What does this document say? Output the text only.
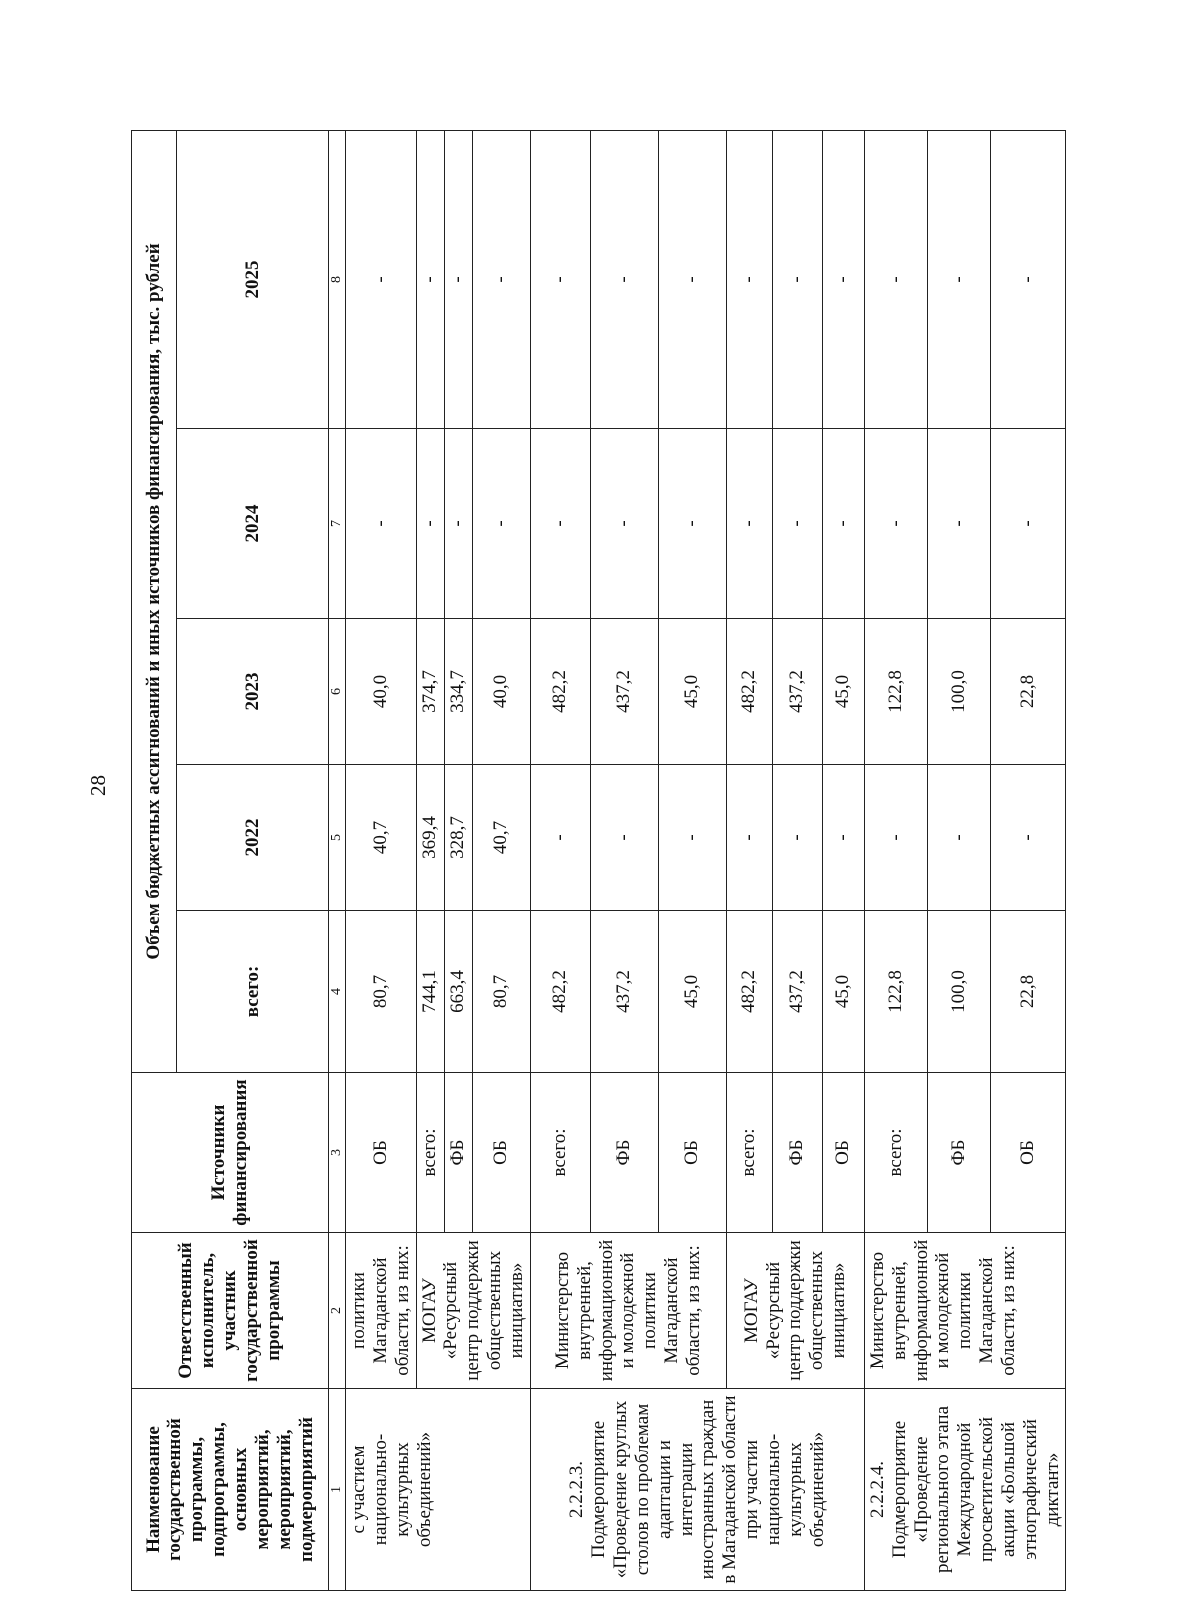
28
Наименование государственной программы, подпрограммы, основных мероприятий, мероприятий, подмероприятий	Ответственный исполнитель, участник государственной программы	Источники финансирования	Объем бюджетных ассигнований и иных источников финансирования, тыс. рублей				
			всего:	2022	2023	2024	2025
1	2	3	4	5	6	7	8
с участием национально-культурных объединений»	политики Магаданской области, из них:	ОБ	80,7	40,7	40,0	-	-
	МОГАУ «Ресурсный центр поддержки общественных инициатив»	всего:	744,1	369,4	374,7	-	-
		ФБ	663,4	328,7	334,7	-	-
		ОБ	80,7	40,7	40,0	-	-
2.2.2.3. Подмероприятие «Проведение круглых столов по проблемам адаптации и интеграции иностранных граждан в Магаданской области при участии национально-культурных объединений»	Министерство внутренней, информационной и молодежной политики Магаданской области, из них:	всего:	482,2	-	482,2	-	-
		ФБ	437,2	-	437,2	-	-
		ОБ	45,0	-	45,0	-	-
	МОГАУ «Ресурсный центр поддержки общественных инициатив»	всего:	482,2	-	482,2	-	-
		ФБ	437,2	-	437,2	-	-
		ОБ	45,0	-	45,0	-	-
2.2.2.4. Подмероприятие «Проведение регионального этапа Международной просветительской акции «Большой этнографический диктант»	Министерство внутренней, информационной и молодежной политики Магаданской области, из них:	всего:	122,8	-	122,8	-	-
		ФБ	100,0	-	100,0	-	-
		ОБ	22,8	-	22,8	-	-
